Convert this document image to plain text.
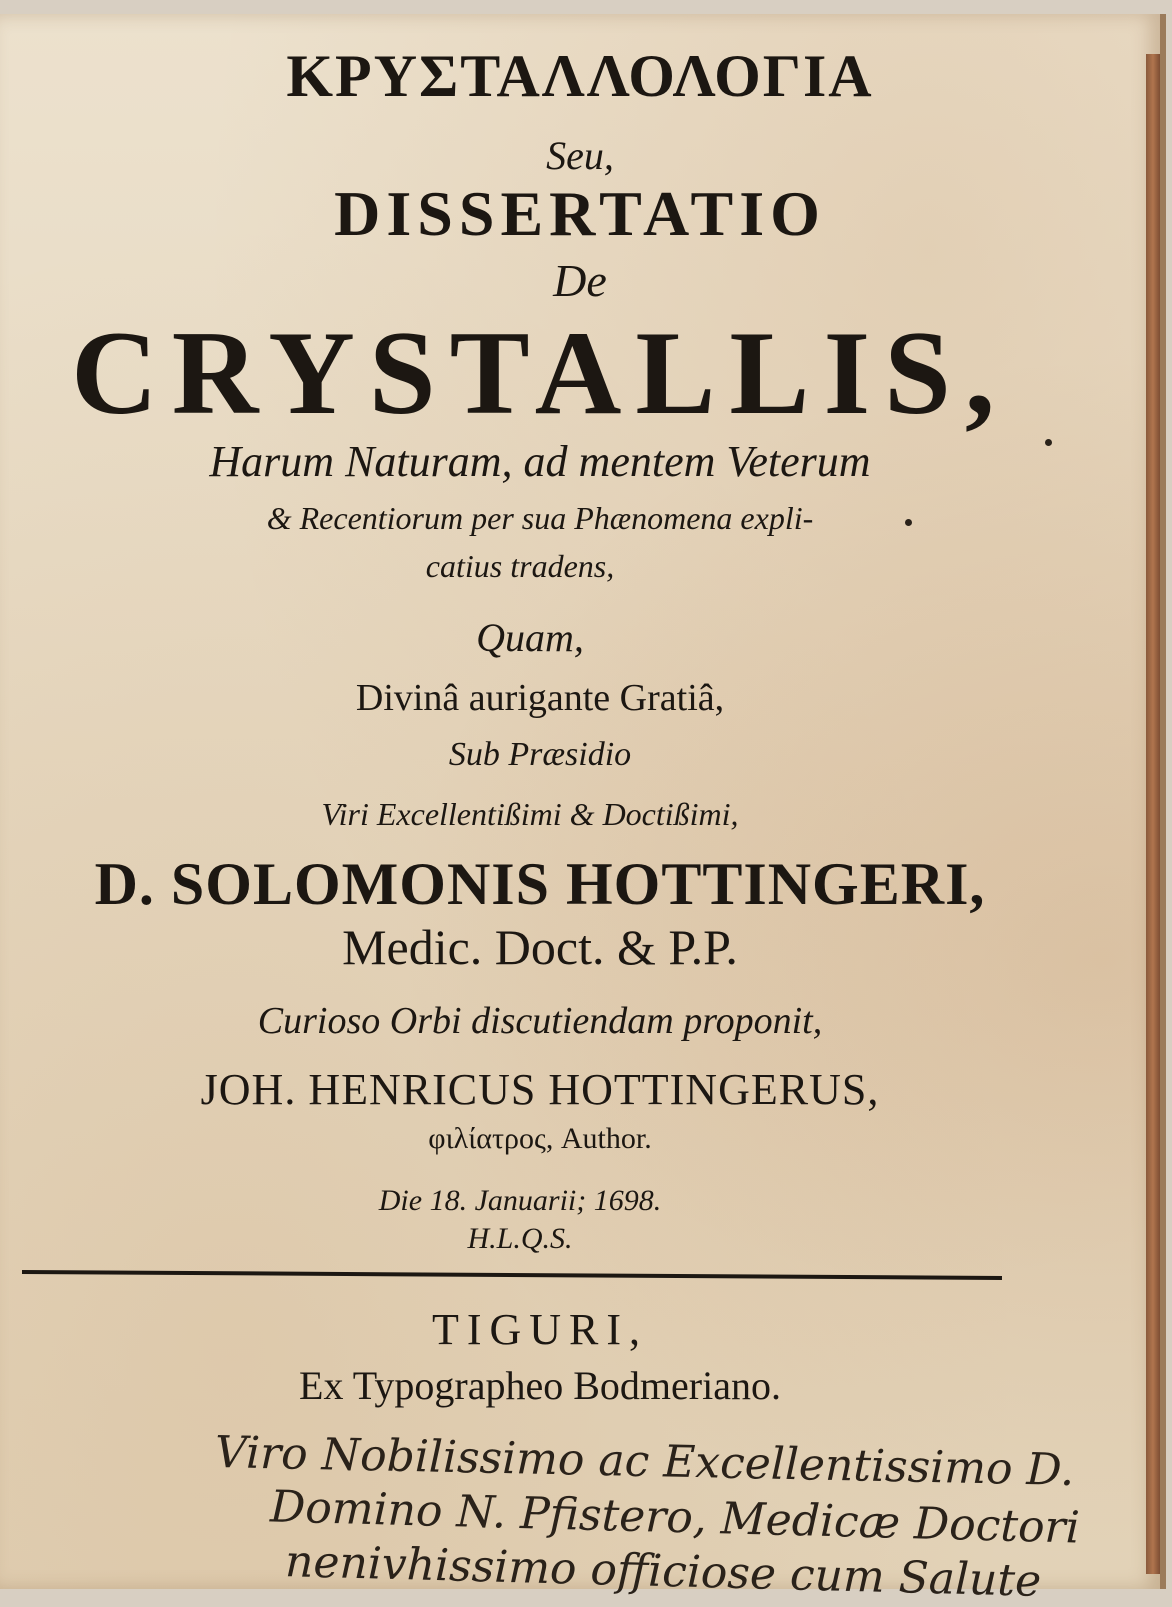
ΚΡΥΣΤΑΛΛΟΛΟΓΙΑ
Seu,
DISSERTATIO
De
CRYSTALLIS,
Harum Naturam, ad mentem Veterum
& Recentiorum per sua Phænomena expli-
catius tradens,
Quam,
Divinâ aurigante Gratiâ,
Sub Præsidio
Viri Excellentißimi & Doctißimi,
D. SOLOMONIS HOTTINGERI,
Medic. Doct. & P.P.
Curioso Orbi discutiendam proponit,
JOH. HENRICUS HOTTINGERUS,
φιλίατρος, Author.
Die 18. Januarii; 1698.
H.L.Q.S.
TIGURI,
Ex Typographeo Bodmeriano.
Viro Nobilissimo ac Excellentissimo D.
Domino N. Pfistero, Medicæ Doctori
nenivhissimo officiose cum Salute
